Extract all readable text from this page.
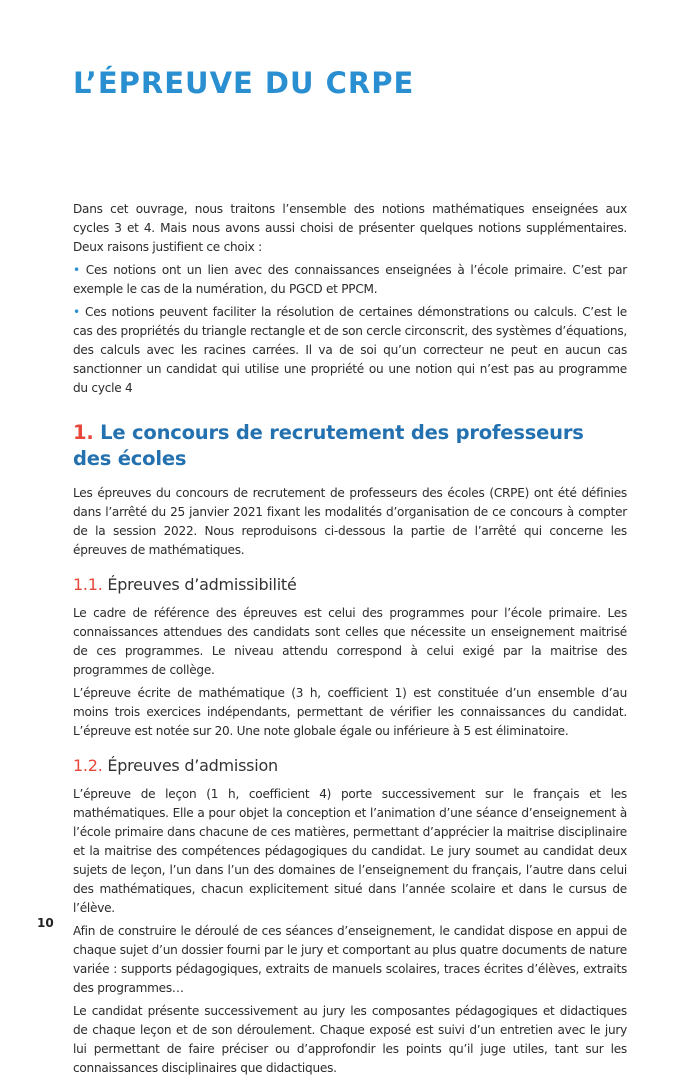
L’ÉPREUVE DU CRPE

Dans cet ouvrage, nous traitons l’ensemble des notions mathématiques enseignées aux cycles 3 et 4. Mais nous avons aussi choisi de présenter quelques notions supplémentaires. Deux raisons justifient ce choix :

• Ces notions ont un lien avec des connaissances enseignées à l’école primaire. C’est par exemple le cas de la numération, du PGCD et PPCM.

• Ces notions peuvent faciliter la résolution de certaines démonstrations ou calculs. C’est le cas des propriétés du triangle rectangle et de son cercle circonscrit, des systèmes d’équations, des calculs avec les racines carrées. Il va de soi qu’un correcteur ne peut en aucun cas sanctionner un candidat qui utilise une propriété ou une notion qui n’est pas au programme du cycle 4

1. Le concours de recrutement des professeurs des écoles

Les épreuves du concours de recrutement de professeurs des écoles (CRPE) ont été définies dans l’arrêté du 25 janvier 2021 fixant les modalités d’organisation de ce concours à compter de la session 2022. Nous reproduisons ci-dessous la partie de l’arrêté qui concerne les épreuves de mathématiques.

1.1. Épreuves d’admissibilité

Le cadre de référence des épreuves est celui des programmes pour l’école primaire. Les connaissances attendues des candidats sont celles que nécessite un enseignement maitrisé de ces programmes. Le niveau attendu correspond à celui exigé par la maitrise des programmes de collège.

L’épreuve écrite de mathématique (3 h, coefficient 1) est constituée d’un ensemble d’au moins trois exercices indépendants, permettant de vérifier les connaissances du candidat. L’épreuve est notée sur 20. Une note globale égale ou inférieure à 5 est éliminatoire.

1.2. Épreuves d’admission

L’épreuve de leçon (1 h, coefficient 4) porte successivement sur le français et les mathématiques. Elle a pour objet la conception et l’animation d’une séance d’enseignement à l’école primaire dans chacune de ces matières, permettant d’apprécier la maitrise disciplinaire et la maitrise des compétences pédagogiques du candidat. Le jury soumet au candidat deux sujets de leçon, l’un dans l’un des domaines de l’enseignement du français, l’autre dans celui des mathématiques, chacun explicitement situé dans l’année scolaire et dans le cursus de l’élève.

Afin de construire le déroulé de ces séances d’enseignement, le candidat dispose en appui de chaque sujet d’un dossier fourni par le jury et comportant au plus quatre documents de nature variée : supports pédagogiques, extraits de manuels scolaires, traces écrites d’élèves, extraits des programmes…

Le candidat présente successivement au jury les composantes pédagogiques et didactiques de chaque leçon et de son déroulement. Chaque exposé est suivi d’un entretien avec le jury lui permettant de faire préciser ou d’approfondir les points qu’il juge utiles, tant sur les connaissances disciplinaires que didactiques.

10
